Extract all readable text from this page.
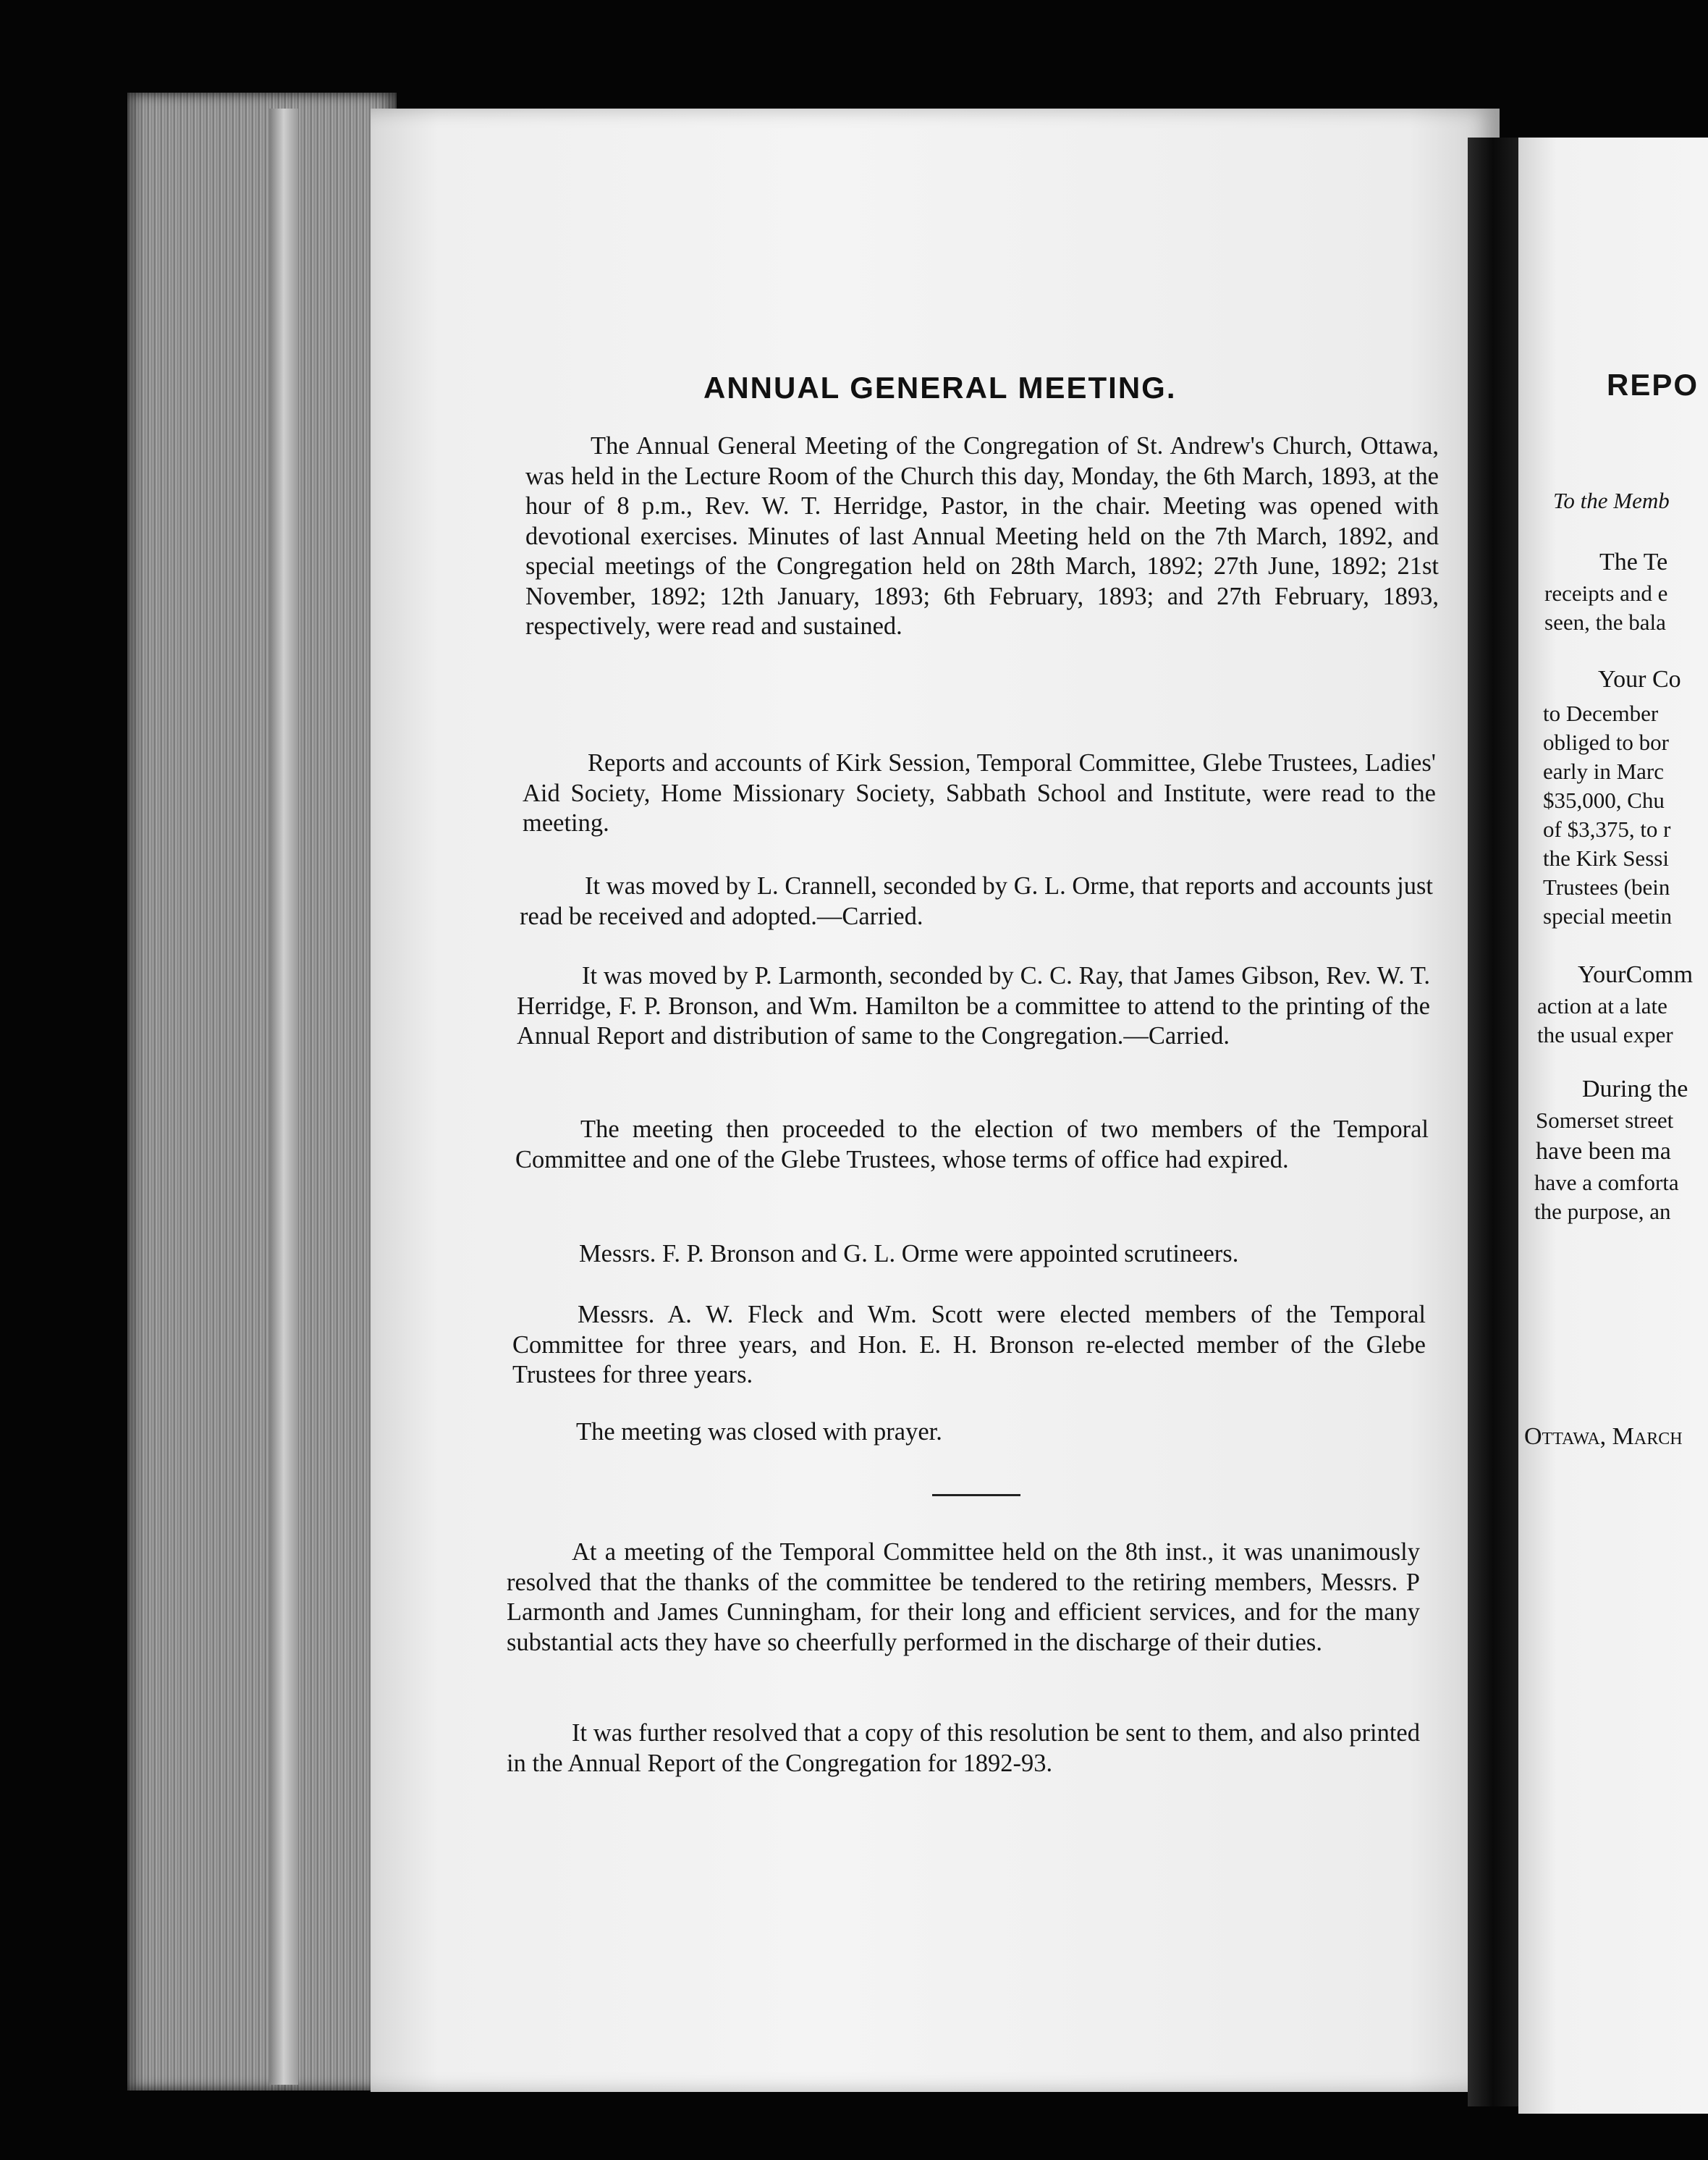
ANNUAL GENERAL MEETING.
The Annual General Meeting of the Congregation of St. Andrew's Church, Ottawa, was held in the Lecture Room of the Church this day, Monday, the 6th March, 1893, at the hour of 8 p.m., Rev. W. T. Herridge, Pastor, in the chair. Meeting was opened with devotional exercises. Minutes of last Annual Meeting held on the 7th March, 1892, and special meetings of the Congregation held on 28th March, 1892; 27th June, 1892; 21st November, 1892; 12th January, 1893; 6th February, 1893; and 27th February, 1893, respectively, were read and sustained.
Reports and accounts of Kirk Session, Temporal Committee, Glebe Trustees, Ladies' Aid Society, Home Missionary Society, Sabbath School and Institute, were read to the meeting.
It was moved by L. Crannell, seconded by G. L. Orme, that reports and accounts just read be received and adopted.—Carried.
It was moved by P. Larmonth, seconded by C. C. Ray, that James Gibson, Rev. W. T. Herridge, F. P. Bronson, and Wm. Hamilton be a committee to attend to the printing of the Annual Report and distribution of same to the Congregation.—Carried.
The meeting then proceeded to the election of two members of the Temporal Committee and one of the Glebe Trustees, whose terms of office had expired.
Messrs. F. P. Bronson and G. L. Orme were appointed scrutineers.
Messrs. A. W. Fleck and Wm. Scott were elected members of the Temporal Committee for three years, and Hon. E. H. Bronson re-elected member of the Glebe Trustees for three years.
The meeting was closed with prayer.
At a meeting of the Temporal Committee held on the 8th inst., it was unanimously resolved that the thanks of the committee be tendered to the retiring members, Messrs. P Larmonth and James Cunningham, for their long and efficient services, and for the many substantial acts they have so cheerfully performed in the discharge of their duties.
It was further resolved that a copy of this resolution be sent to them, and also printed in the Annual Report of the Congregation for 1892-93.
REPO
To the Memb
The Te
receipts and e
seen, the bala
Your Co
to December
obliged to bor
early in Marc
$35,000, Chu
of $3,375, to r
the Kirk Sessi
Trustees (bein
special meetin
YourComm
action at a late
the usual exper
During the
Somerset street
have been ma
have a comforta
the purpose, an
Ottawa, March
